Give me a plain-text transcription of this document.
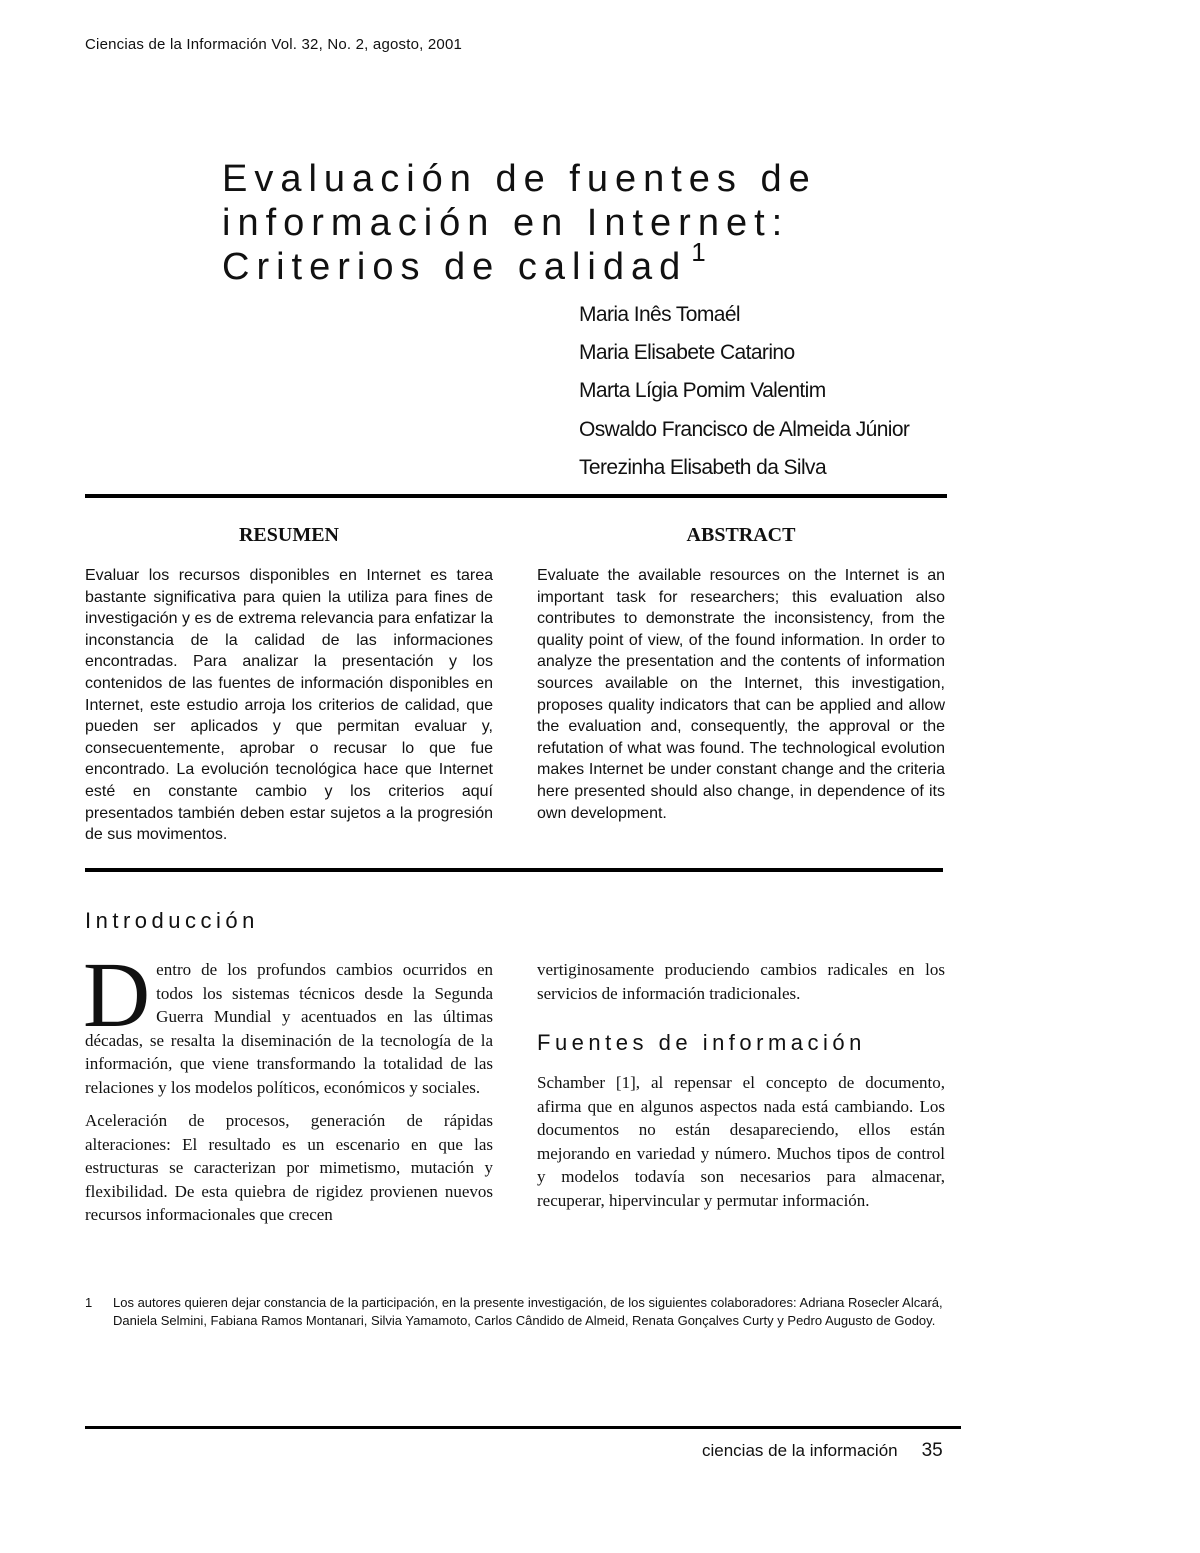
Ciencias de la Información Vol. 32, No. 2, agosto, 2001
Evaluación de fuentes de
información en Internet:
Criterios de calidad $^1$
Maria Inês Tomaél
Maria Elisabete Catarino
Marta Lígia Pomim Valentim
Oswaldo Francisco de Almeida Júnior
Terezinha Elisabeth da Silva
RESUMEN	ABSTRACT
Evaluar los recursos disponibles en Internet es tarea bastante significativa para quien la utiliza para fines de investigación y es de extrema relevancia para enfatizar la inconstancia de la calidad de las informaciones encontradas. Para analizar la presentación y los contenidos de las fuentes de información disponibles en Internet, este estudio arroja los criterios de calidad, que pueden ser aplicados y que permitan evaluar y, consecuentemente, aprobar o recusar lo que fue encontrado. La evolución tecnológica hace que Internet esté en constante cambio y los criterios aquí presentados también deben estar sujetos a la progresión de sus movimentos.
Evaluate the available resources on the Internet is an important task for researchers; this evaluation also contributes to demonstrate the inconsistency, from the quality point of view, of the found information. In order to analyze the presentation and the contents of information sources available on the Internet, this investigation, proposes quality indicators that can be applied and allow the evaluation and, consequently, the approval or the refutation of what was found. The technological evolution makes Internet be under constant change and the criteria here presented should also change, in dependence of its own development.
Introducción

Dentro de los profundos cambios ocurridos en todos los sistemas técnicos desde la Segunda Guerra Mundial y acentuados en las últimas décadas, se resalta la diseminación de la tecnología de la información, que viene transformando la totalidad de las relaciones y los modelos políticos, económicos y sociales.

Aceleración de procesos, generación de rápidas alteraciones: El resultado es un escenario en que las estructuras se caracterizan por mimetismo, mutación y flexibilidad. De esta quiebra de rigidez provienen nuevos recursos informacionales que crecen

vertiginosamente produciendo cambios radicales en los servicios de información tradicionales.
Fuentes de información
Schamber [1], al repensar el concepto de documento, afirma que en algunos aspectos nada está cambiando. Los documentos no están desapareciendo, ellos están mejorando en variedad y número. Muchos tipos de control y modelos todavía son necesarios para almacenar, recuperar, hipervincular y permutar información.
1 Los autores quieren dejar constancia de la participación, en la presente investigación, de los siguientes colaboradores: Adriana Rosecler Alcará, Daniela Selmini, Fabiana Ramos Montanari, Silvia Yamamoto, Carlos Cândido de Almeid, Renata Gonçalves Curty y Pedro Augusto de Godoy.
ciencias de la información 35
